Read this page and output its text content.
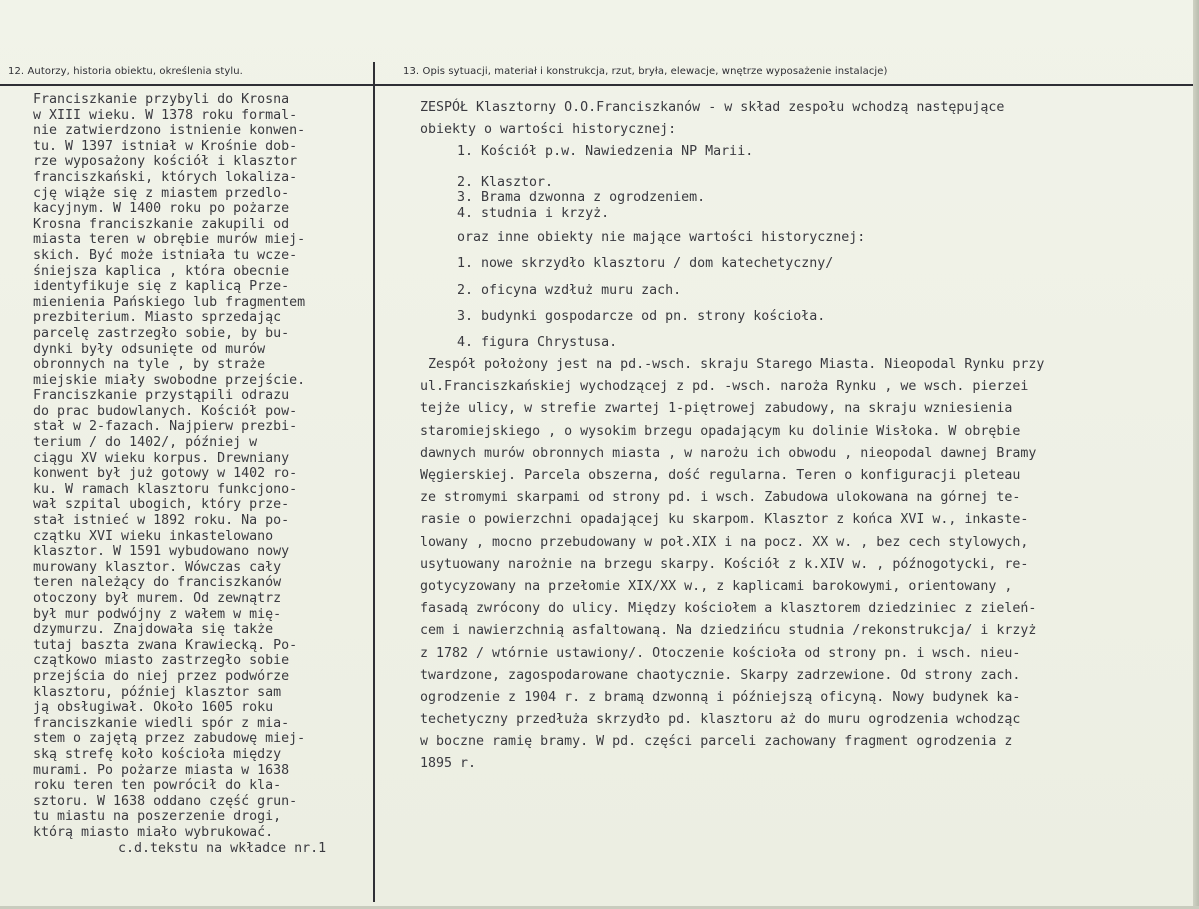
12. Autorzy, historia obiektu, określenia stylu.	13. Opis sytuacji, materiał i konstrukcja, rzut, bryła, elewacje, wnętrze wyposażenie instalacje)
Franciszkanie przybyli do Krosna
w XIII wieku. W 1378 roku formal-
nie zatwierdzono istnienie konwen-
tu. W 1397 istniał w Krośnie dob-
rze wyposażony kościół i klasztor
franciszkański, których lokaliza-
cję wiąże się z miastem przedlo-
kacyjnym. W 1400 roku po pożarze
Krosna franciszkanie zakupili od
miasta teren w obrębie murów miej-
skich. Być może istniała tu wcze-
śniejsza kaplica , która obecnie
identyfikuje się z kaplicą Prze-
mienienia Pańskiego lub fragmentem
prezbiterium. Miasto sprzedając
parcelę zastrzegło sobie, by bu-
dynki były odsunięte od murów
obronnych na tyle , by straże
miejskie miały swobodne przejście.
Franciszkanie przystąpili odrazu
do prac budowlanych. Kościół pow-
stał w 2-fazach. Najpierw prezbi-
terium / do 1402/, później w
ciągu XV wieku korpus. Drewniany
konwent był już gotowy w 1402 ro-
ku. W ramach klasztoru funkcjono-
wał szpital ubogich, który prze-
stał istnieć w 1892 roku. Na po-
czątku XVI wieku inkastelowano
klasztor. W 1591 wybudowano nowy
murowany klasztor. Wówczas cały
teren należący do franciszkanów
otoczony był murem. Od zewnątrz
był mur podwójny z wałem w mię-
dzymurzu. Znajdowała się także
tutaj baszta zwana Krawiecką. Po-
czątkowo miasto zastrzegło sobie
przejścia do niej przez podwórze
klasztoru, później klasztor sam
ją obsługiwał. Około 1605 roku
franciszkanie wiedli spór z mia-
stem o zajętą przez zabudowę miej-
ską strefę koło kościoła między
murami. Po pożarze miasta w 1638
roku teren ten powrócił do kla-
sztoru. W 1638 oddano część grun-
tu miastu na poszerzenie drogi,
którą miasto miało wybrukować.
c.d.tekstu na wkładce nr.1
ZESPÓŁ Klasztorny O.O.Franciszkanów - w skład zespołu wchodzą następujące
obiekty o wartości historycznej:
1. Kościół p.w. Nawiedzenia NP Marii.
2. Klasztor.
3. Brama dzwonna z ogrodzeniem.
4. studnia i krzyż.
oraz inne obiekty nie mające wartości historycznej:
1. nowe skrzydło klasztoru / dom katechetyczny/
2. oficyna wzdłuż muru zach.
3. budynki gospodarcze od pn. strony kościoła.
4. figura Chrystusa.
Zespół położony jest na pd.-wsch. skraju Starego Miasta. Nieopodal Rynku przy
ul.Franciszkańskiej wychodzącej z pd. -wsch. naroża Rynku , we wsch. pierzei
tejże ulicy, w strefie zwartej 1-piętrowej zabudowy, na skraju wzniesienia
staromiejskiego , o wysokim brzegu opadającym ku dolinie Wisłoka. W obrębie
dawnych murów obronnych miasta , w narożu ich obwodu , nieopodal dawnej Bramy
Węgierskiej. Parcela obszerna, dość regularna. Teren o konfiguracji pleteau
ze stromymi skarpami od strony pd. i wsch. Zabudowa ulokowana na górnej te-
rasie o powierzchni opadającej ku skarpom. Klasztor z końca XVI w., inkaste-
lowany , mocno przebudowany w poł.XIX i na pocz. XX w. , bez cech stylowych,
usytuowany narożnie na brzegu skarpy. Kościół z k.XIV w. , późnogotycki, re-
gotycyzowany na przełomie XIX/XX w., z kaplicami barokowymi, orientowany ,
fasadą zwrócony do ulicy. Między kościołem a klasztorem dziedziniec z zieleń-
cem i nawierzchnią asfaltowaną. Na dziedzińcu studnia /rekonstrukcja/ i krzyż
z 1782 / wtórnie ustawiony/. Otoczenie kościoła od strony pn. i wsch. nieu-
twardzone, zagospodarowane chaotycznie. Skarpy zadrzewione. Od strony zach.
ogrodzenie z 1904 r. z bramą dzwonną i późniejszą oficyną. Nowy budynek ka-
techetyczny przedłuża skrzydło pd. klasztoru aż do muru ogrodzenia wchodząc
w boczne ramię bramy. W pd. części parceli zachowany fragment ogrodzenia z
1895 r.
